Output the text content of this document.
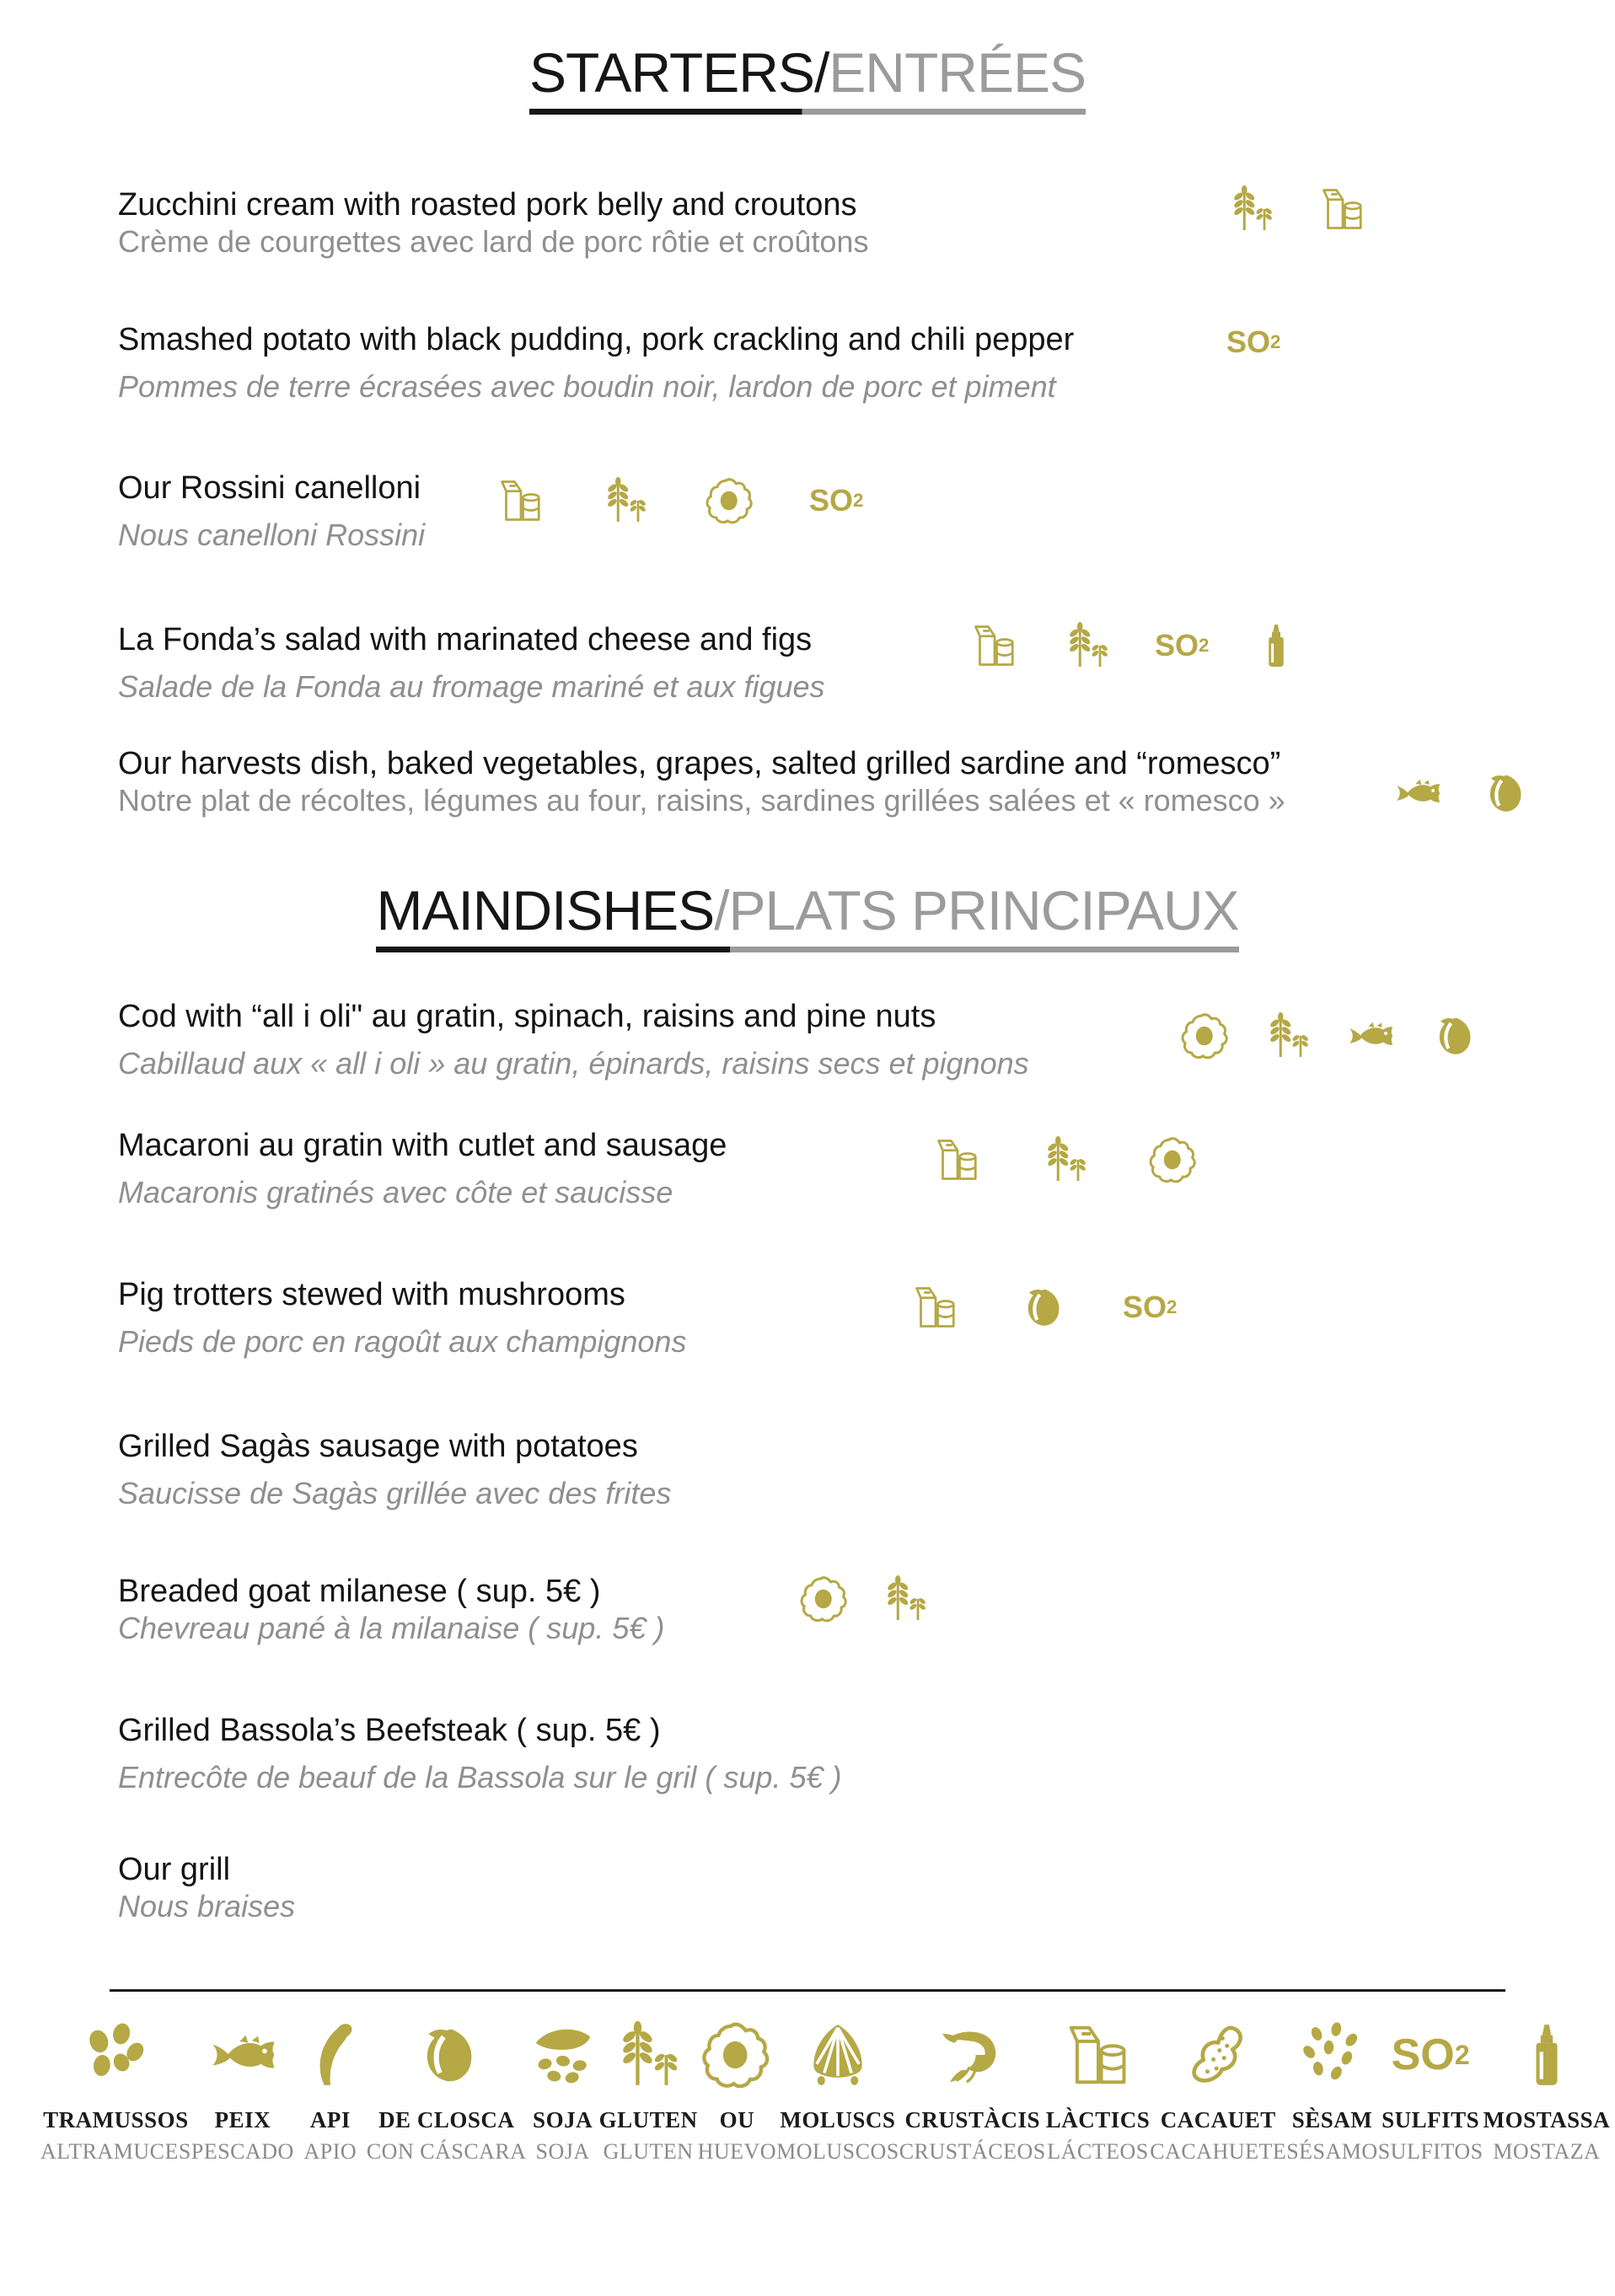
STARTERS/ENTRÉES
Zucchini cream with roasted pork belly and croutons
Crème de courgettes avec lard de porc rôtie et croûtons
Smashed potato with black pudding, pork crackling and chili pepper
Pommes de terre écrasées avec boudin noir, lardon de porc et piment
SO 2
Our Rossini canelloni
Nous canelloni Rossini
SO 2
La Fonda’s salad with marinated cheese and figs
Salade de la Fonda au fromage mariné et aux figues
SO 2
Our harvests dish, baked vegetables, grapes, salted grilled sardine and “romesco”
Notre plat de récoltes, légumes au four, raisins, sardines grillées salées et « romesco »
MAINDISHES/PLATS PRINCIPAUX
Cod with “all i oli" au gratin, spinach, raisins and pine nuts
Cabillaud aux « all i oli » au gratin, épinards, raisins secs et pignons
Macaroni au gratin with cutlet and sausage
Macaronis gratinés avec côte et saucisse
Pig trotters stewed with mushrooms
Pieds de porc en ragoût aux champignons
SO 2
Grilled Sagàs sausage with potatoes
Saucisse de Sagàs grillée avec des frites
Breaded goat milanese ( sup. 5€ )
Chevreau pané à la milanaise ( sup. 5€ )
Grilled Bassola’s Beefsteak ( sup. 5€ )
Entrecôte de beauf de la Bassola sur le gril ( sup. 5€ )
Our grill
Nous braises
TRAMUSSOS
ALTRAMUCES
PEIX
PESCADO
API
APIO
DE CLOSCA
CON CÁSCARA
SOJA
SOJA
GLUTEN
GLUTEN
OU
HUEVO
MOLUSCS
MOLUSCOS
CRUSTÀCIS
CRUSTÁCEOS
LÀCTICS
LÁCTEOS
CACAUET
CACAHUETE
SÈSAM
SÉSAMO
SO 2
SULFITS
SULFITOS
MOSTASSA
MOSTAZA
